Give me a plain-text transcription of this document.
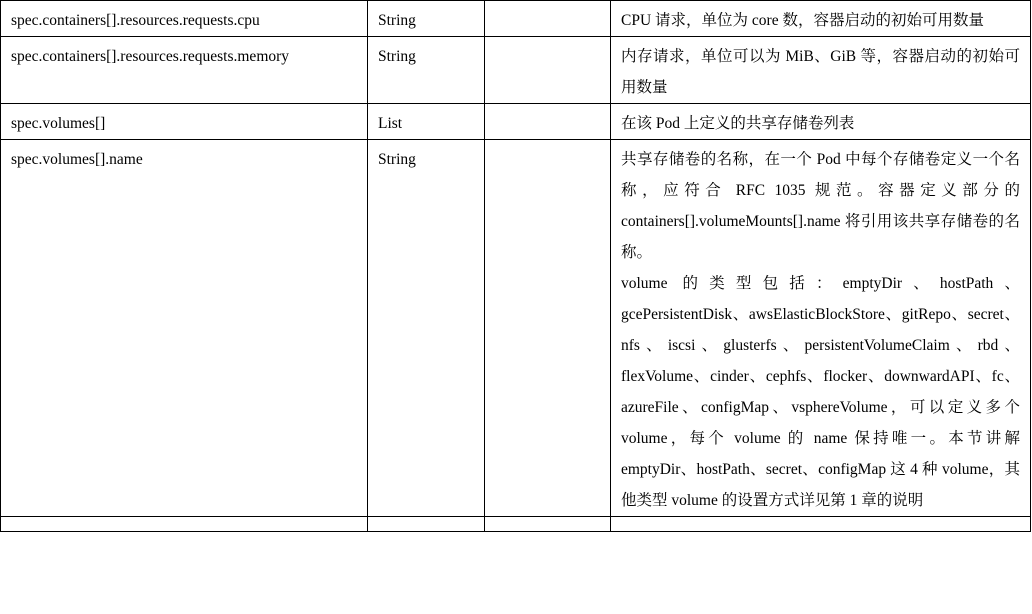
spec.containers[].resources.requests.cpu	String		CPU 请求，单位为 core 数，容器启动的初始可用数量

spec.containers[].resources.requests.memory	String		内存请求，单位可以为 MiB、GiB 等，容器启动的初始可用数量

spec.volumes[]	List		在该 Pod 上定义的共享存储卷列表

spec.volumes[].name	String		共享存储卷的名称，在一个 Pod 中每个存储卷定义一个名称，应符合 RFC 1035 规范。容器定义部分的 containers[].volumeMounts[].name 将引用该共享存储卷的名称。
volume 的类型包括：emptyDir、hostPath、gcePersistentDisk、awsElasticBlockStore、gitRepo、secret、nfs、iscsi、glusterfs、persistentVolumeClaim、rbd、flexVolume、cinder、cephfs、flocker、downwardAPI、fc、azureFile、configMap、vsphereVolume，可以定义多个 volume，每个 volume 的 name 保持唯一。本节讲解 emptyDir、hostPath、secret、configMap 这 4 种 volume，其他类型 volume 的设置方式详见第 1 章的说明
